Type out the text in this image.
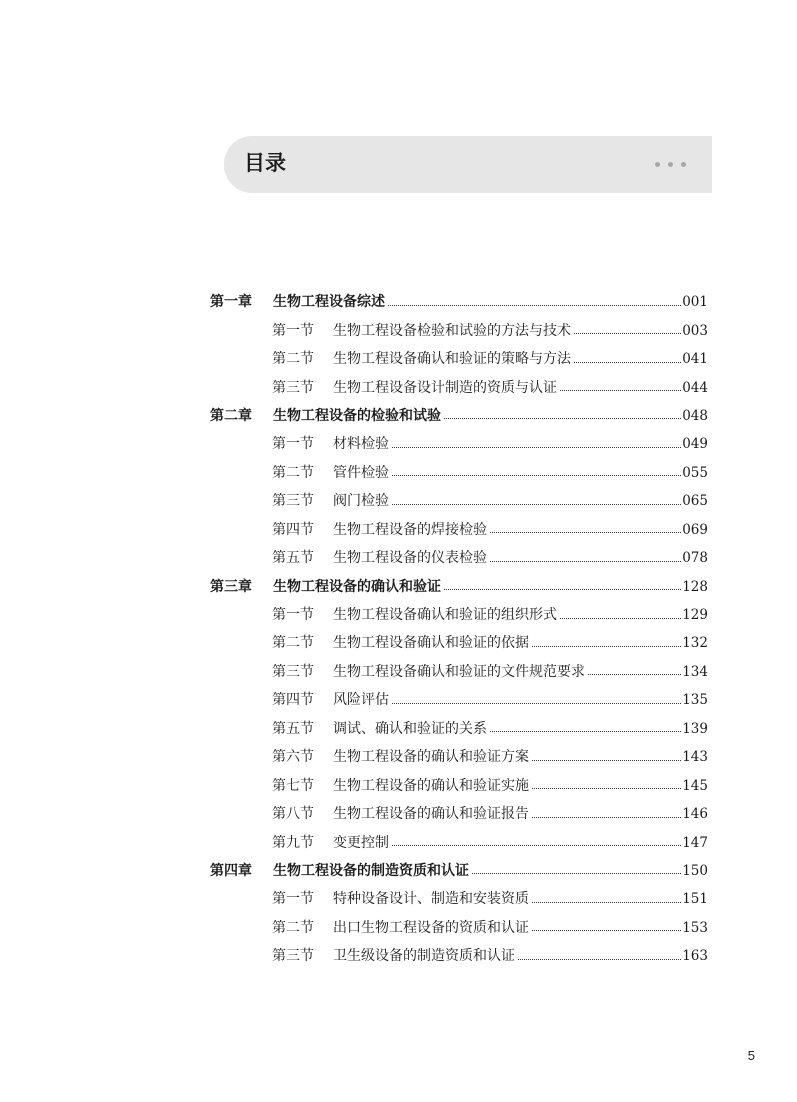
目录
第一章	生物工程设备综述	001
第一节	生物工程设备检验和试验的方法与技术	003
第二节	生物工程设备确认和验证的策略与方法	041
第三节	生物工程设备设计制造的资质与认证	044
第二章	生物工程设备的检验和试验	048
第一节	材料检验	049
第二节	管件检验	055
第三节	阀门检验	065
第四节	生物工程设备的焊接检验	069
第五节	生物工程设备的仪表检验	078
第三章	生物工程设备的确认和验证	128
第一节	生物工程设备确认和验证的组织形式	129
第二节	生物工程设备确认和验证的依据	132
第三节	生物工程设备确认和验证的文件规范要求	134
第四节	风险评估	135
第五节	调试、确认和验证的关系	139
第六节	生物工程设备的确认和验证方案	143
第七节	生物工程设备的确认和验证实施	145
第八节	生物工程设备的确认和验证报告	146
第九节	变更控制	147
第四章	生物工程设备的制造资质和认证	150
第一节	特种设备设计、制造和安装资质	151
第二节	出口生物工程设备的资质和认证	153
第三节	卫生级设备的制造资质和认证	163
5
